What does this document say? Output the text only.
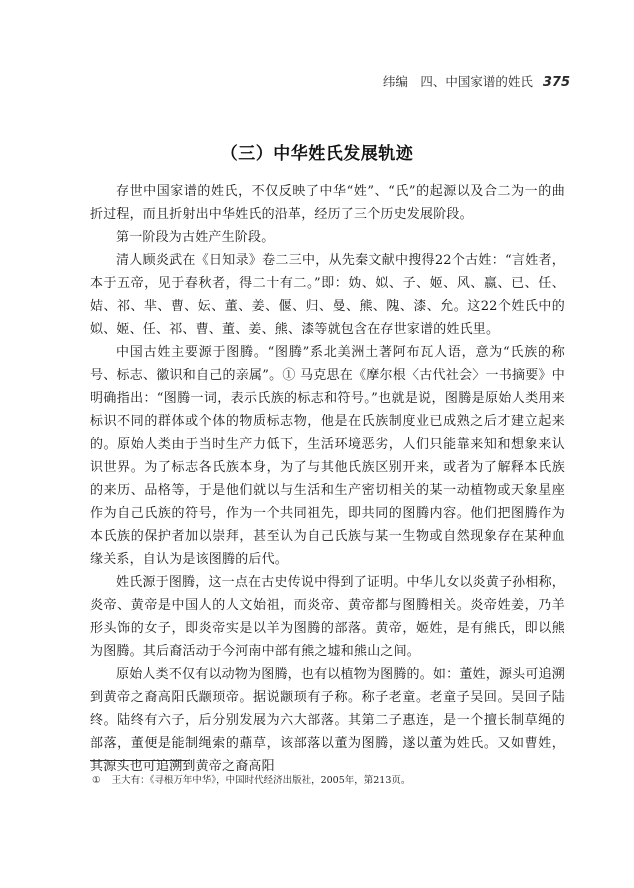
纬编　四、中国家谱的姓氏 375
（三）中华姓氏发展轨迹

存世中国家谱的姓氏，不仅反映了中华“姓”、“氏”的起源以及合二为一的曲折过程，而且折射出中华姓氏的沿革，经历了三个历史发展阶段。

第一阶段为古姓产生阶段。

清人顾炎武在《日知录》卷二三中，从先秦文献中搜得22个古姓：“言姓者，本于五帝，见于春秋者，得二十有二。”即：妫、姒、子、姬、风、嬴、已、任、姞、祁、芈、曹、妘、董、姜、偃、归、曼、熊、隗、漆、允。这22个姓氏中的姒、姬、任、祁、曹、董、姜、熊、漆等就包含在存世家谱的姓氏里。

中国古姓主要源于图腾。“图腾”系北美洲土著阿布瓦人语，意为“氏族的称号、标志、徽识和自己的亲属”。① 马克思在《摩尔根〈古代社会〉一书摘要》中明确指出：“图腾一词，表示氏族的标志和符号。”也就是说，图腾是原始人类用来标识不同的群体或个体的物质标志物，他是在氏族制度业已成熟之后才建立起来的。原始人类由于当时生产力低下，生活环境恶劣，人们只能靠来知和想象来认识世界。为了标志各氏族本身，为了与其他氏族区别开来，或者为了解释本氏族的来历、品格等，于是他们就以与生活和生产密切相关的某一动植物或天象星座作为自己氏族的符号，作为一个共同祖先，即共同的图腾内容。他们把图腾作为本氏族的保护者加以崇拜，甚至认为自己氏族与某一生物或自然现象存在某种血缘关系，自认为是该图腾的后代。

姓氏源于图腾，这一点在古史传说中得到了证明。中华儿女以炎黄子孙相称，炎帝、黄帝是中国人的人文始祖，而炎帝、黄帝都与图腾相关。炎帝姓姜，乃羊形头饰的女子，即炎帝实是以羊为图腾的部落。黄帝，姬姓，是有熊氏，即以熊为图腾。其后裔活动于今河南中部有熊之墟和熊山之间。

原始人类不仅有以动物为图腾，也有以植物为图腾的。如：董姓，源头可追溯到黄帝之裔高阳氏颛顼帝。据说颛顼有子称。称子老童。老童子吴回。吴回子陆终。陆终有六子，后分别发展为六大部落。其第二子惠连，是一个擅长制草绳的部落，董便是能制绳索的薡草，该部落以董为图腾，遂以董为姓氏。又如曹姓，其源头也可追溯到黄帝之裔高阳

① 王大有：《寻根万年中华》，中国时代经济出版社，2005年，第213页。
